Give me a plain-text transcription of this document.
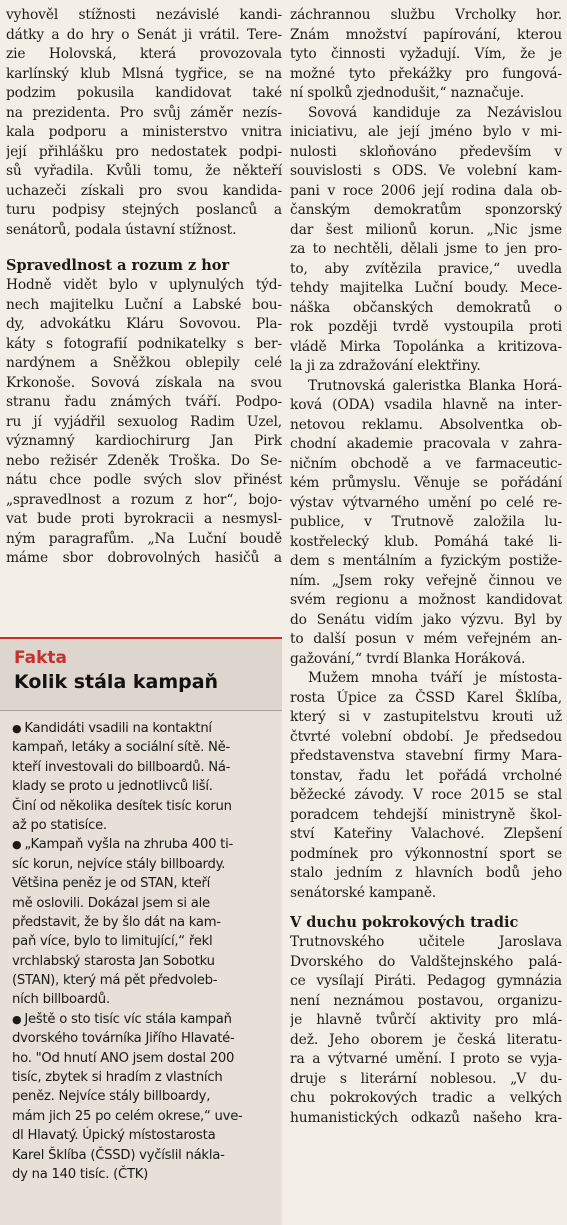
vyhověl stížnosti nezávislé kandi-
dátky a do hry o Senát ji vrátil. Tere-
zie Holovská, která provozovala
karlínský klub Mlsná tygřice, se na
podzim pokusila kandidovat také
na prezidenta. Pro svůj záměr nezís-
kala podporu a ministerstvo vnitra
její přihlášku pro nedostatek podpi-
sů vyřadila. Kvůli tomu, že někteří
uchazeči získali pro svou kandida-
turu podpisy stejných poslanců a
senátorů, podala ústavní stížnost.
Spravedlnost a rozum z hor
Hodně vidět bylo v uplynulých týd-
nech majitelku Luční a Labské bou-
dy, advokátku Kláru Sovovou. Pla-
káty s fotografií podnikatelky s ber-
nardýnem a Sněžkou oblepily celé
Krkonoše. Sovová získala na svou
stranu řadu známých tváří. Podpo-
ru jí vyjádřil sexuolog Radim Uzel,
významný kardiochirurg Jan Pirk
nebo režisér Zdeněk Troška. Do Se-
nátu chce podle svých slov přinést
„spravedlnost a rozum z hor“, bojo-
vat bude proti byrokracii a nesmysl-
ným paragrafům. „Na Luční boudě
máme sbor dobrovolných hasičů a
Fakta
Kolik stála kampaň
● Kandidáti vsadili na kontaktní
kampaň, letáky a sociální sítě. Ně-
kteří investovali do billboardů. Ná-
klady se proto u jednotlivců liší.
Činí od několika desítek tisíc korun
až po statisíce.
● „Kampaň vyšla na zhruba 400 ti-
síc korun, nejvíce stály billboardy.
Většina peněz je od STAN, kteří
mě oslovili. Dokázal jsem si ale
představit, že by šlo dát na kam-
paň více, bylo to limitující,“ řekl
vrchlabský starosta Jan Sobotku
(STAN), který má pět předvoleb-
ních billboardů.
● Ještě o sto tisíc víc stála kampaň
dvorského továrníka Jiřího Hlavaté-
ho. "Od hnutí ANO jsem dostal 200
tisíc, zbytek si hradím z vlastních
peněz. Nejvíce stály billboardy,
mám jich 25 po celém okrese,“ uve-
dl Hlavatý. Úpický místostarosta
Karel Šklíba (ČSSD) vyčíslil nákla-
dy na 140 tisíc. (ČTK)
záchrannou službu Vrcholky hor.
Znám množství papírování, kterou
tyto činnosti vyžadují. Vím, že je
možné tyto překážky pro fungová-
ní spolků zjednodušit,“ naznačuje.
Sovová kandiduje za Nezávislou
iniciativu, ale její jméno bylo v mi-
nulosti skloňováno především v
souvislosti s ODS. Ve volební kam-
pani v roce 2006 její rodina dala ob-
čanským demokratům sponzorský
dar šest milionů korun. „Nic jsme
za to nechtěli, dělali jsme to jen pro-
to, aby zvítězila pravice,“ uvedla
tehdy majitelka Luční boudy. Mece-
náška občanských demokratů o
rok později tvrdě vystoupila proti
vládě Mirka Topolánka a kritizova-
la ji za zdražování elektřiny.
Trutnovská galeristka Blanka Horá-
ková (ODA) vsadila hlavně na inter-
netovou reklamu. Absolventka ob-
chodní akademie pracovala v zahra-
ničním obchodě a ve farmaceutic-
kém průmyslu. Věnuje se pořádání
výstav výtvarného umění po celé re-
publice, v Trutnově založila lu-
kostřelecký klub. Pomáhá také li-
dem s mentálním a fyzickým postiže-
ním. „Jsem roky veřejně činnou ve
svém regionu a možnost kandidovat
do Senátu vidím jako výzvu. Byl by
to další posun v mém veřejném an-
gažování,“ tvrdí Blanka Horáková.
Mužem mnoha tváří je místosta-
rosta Úpice za ČSSD Karel Šklíba,
který si v zastupitelstvu krouti už
čtvrté volební období. Je předsedou
představenstva stavební firmy Mara-
tonstav, řadu let pořádá vrcholné
běžecké závody. V roce 2015 se stal
poradcem tehdejší ministryně škol-
ství Kateřiny Valachové. Zlepšení
podmínek pro výkonnostní sport se
stalo jedním z hlavních bodů jeho
senátorské kampaně.
V duchu pokrokových tradic
Trutnovského učitele Jaroslava
Dvorského do Valdštejnského palá-
ce vysílají Piráti. Pedagog gymnázia
není neznámou postavou, organizu-
je hlavně tvůrčí aktivity pro mlá-
dež. Jeho oborem je česká literatu-
ra a výtvarné umění. I proto se vyja-
druje s literární noblesou. „V du-
chu pokrokových tradic a velkých
humanistických odkazů našeho kra-
